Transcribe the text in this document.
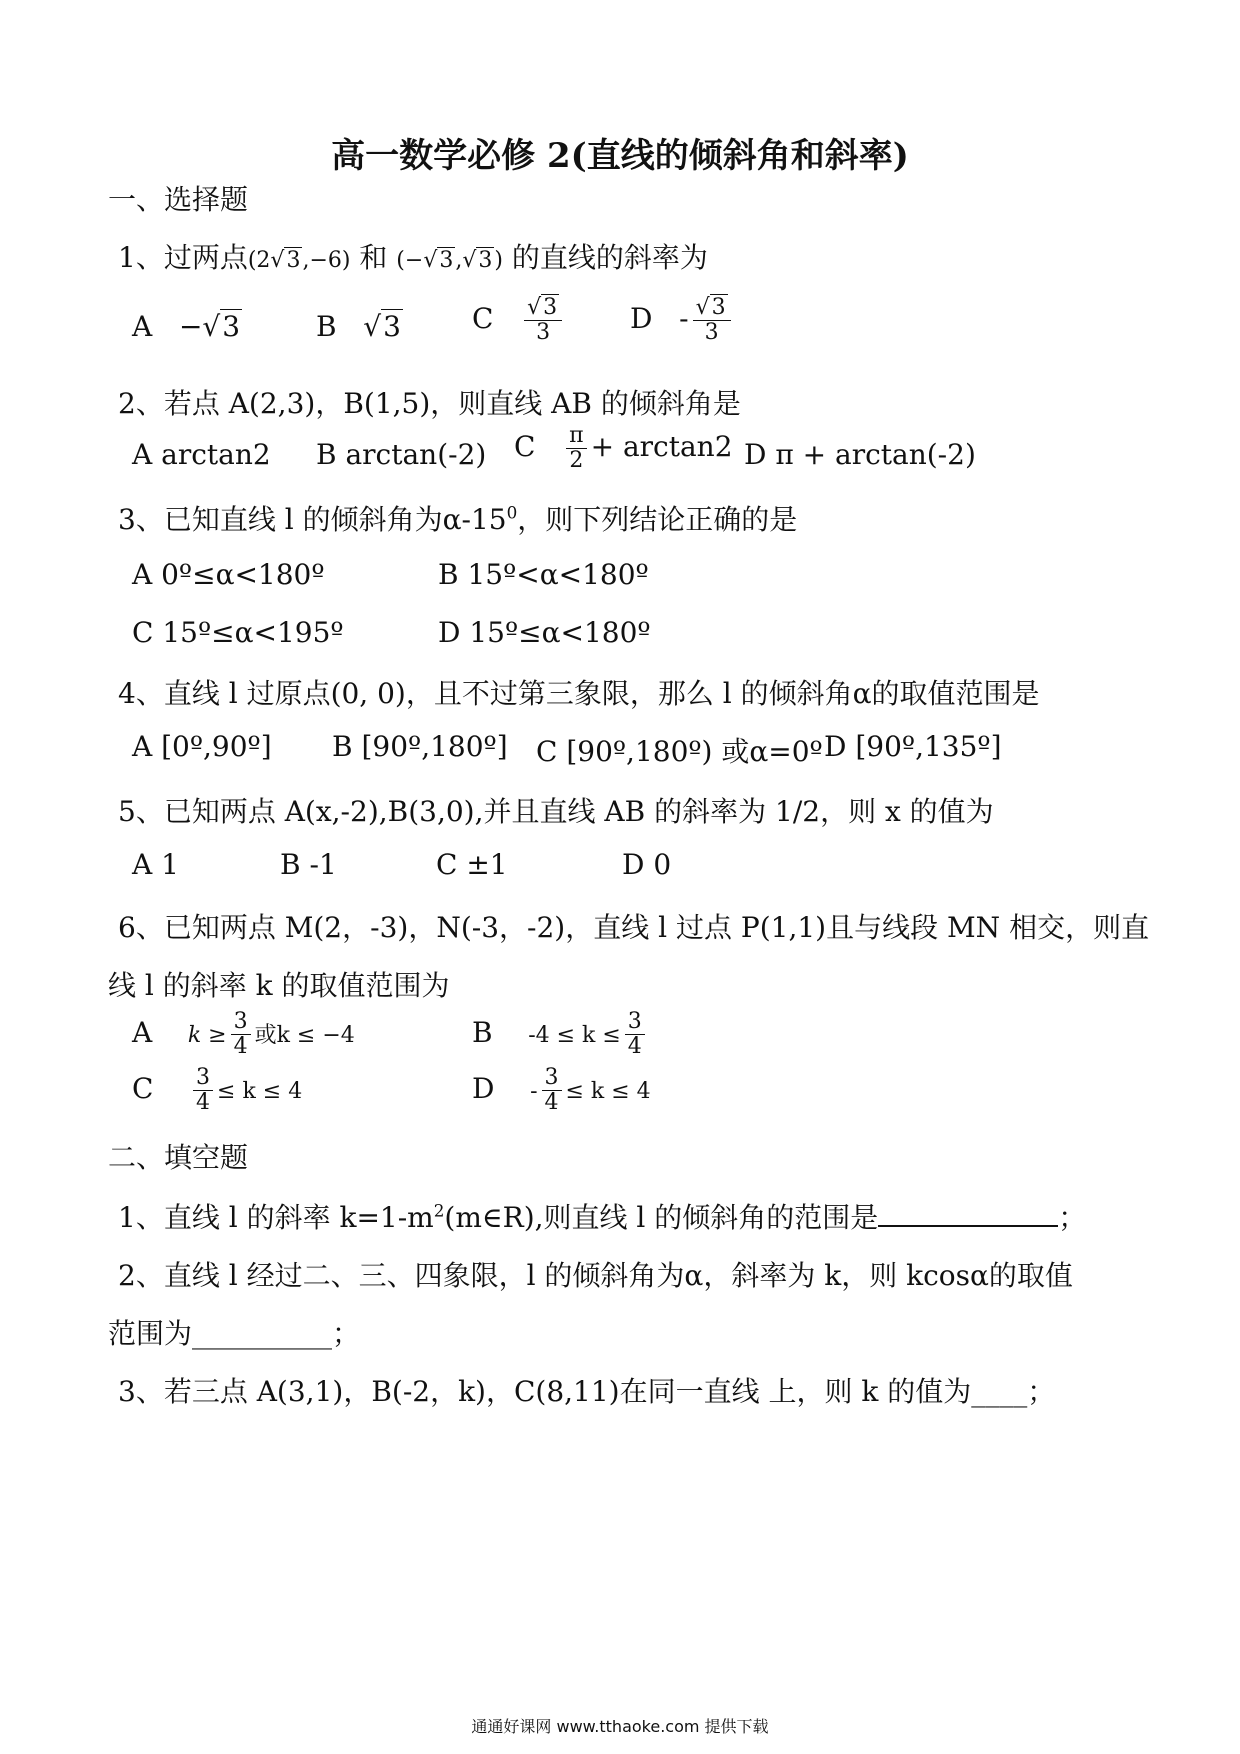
高一数学必修 2(直线的倾斜角和斜率)
一、选择题
1、过两点(2√3,−6) 和 (−√3,√3) 的直线的斜率为
A −√3	B √3	C $\frac{√3}{3}$ D - $\frac{√3}{3}$
2、若点 A(2,3)，B(1,5)，则直线 AB 的倾斜角是
A arctan2 B arctan(-2) C $\frac{\pi}{2} + \arctan 2$ D π + arctan(-2)
3、已知直线 l 的倾斜角为$\alpha-15^0$，则下列结论正确的是
A 0º≤α<180º	B 15º<α<180º
C 15º≤α<195º	D 15º≤α<180º
4、直线 l 过原点(0, 0)，且不过第三象限，那么 l 的倾斜角α的取值范围是
A [0º,90º] B [90º,180º] C [90º,180º) 或α=0º D [90º,135º]
5、已知两点 A(x,-2),B(3,0),并且直线 AB 的斜率为 1/2，则 x 的值为
A 1	B -1	C ±1	D 0
6、已知两点 M(2，-3)，N(-3，-2)，直线 l 过点 P(1,1)且与线段 MN 相交，则直
线 l 的斜率 k 的取值范围为
A $k \ge \frac{3}{4}$ 或k ≤ −4	B $-4 \le k \le \frac{3}{4}$
C $\frac{3}{4} \le k \le 4$	$D - \frac{3}{4} \le k \le 4$
二、填空题
1、直线 l 的斜率 $k=1-m^2(m\in R)$,则直线 l 的倾斜角的范围是	；
2、直线 l 经过二、三、四象限，l 的倾斜角为α，斜率为 k，则 kcosα的取值
范围为__________；
3、若三点 A(3,1)，B(-2，k)，C(8,11)在同一直线 上，则 k 的值为____；
通通好课网 www.tthaoke.com 提供下载
